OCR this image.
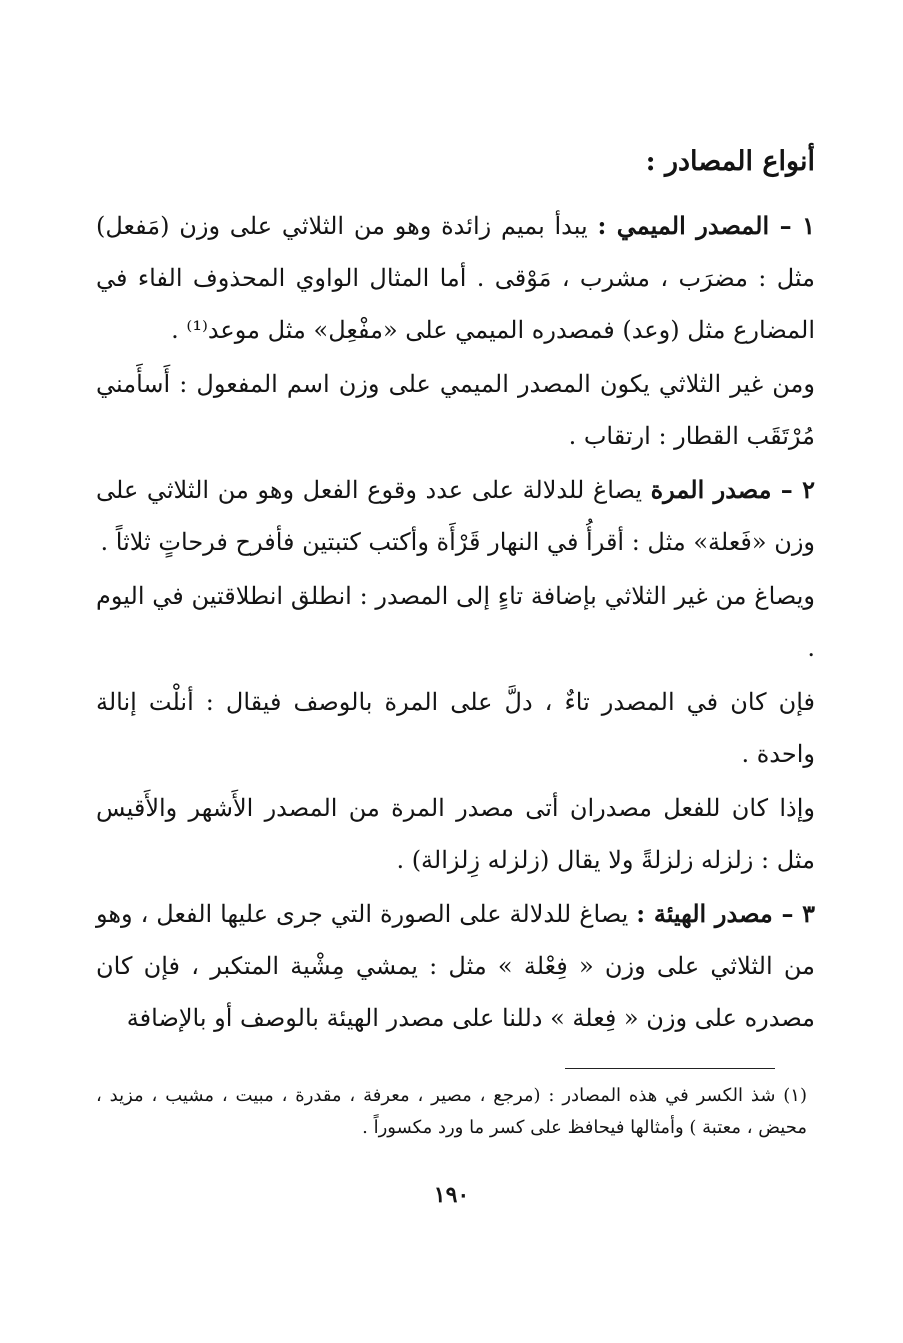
أنواع المصادر :

١ – المصدر الميمي : يبدأ بميم زائدة وهو من الثلاثي على وزن (مَفعل) مثل : مضرَب ، مشرب ، مَوْقى . أما المثال الواوي المحذوف الفاء في المضارع مثل (وعد) فمصدره الميمي على «مفْعِل» مثل موعد⁽¹⁾ .

ومن غير الثلاثي يكون المصدر الميمي على وزن اسم المفعول : أَسأَمني مُرْتَقَب القطار : ارتقاب .

٢ – مصدر المرة يصاغ للدلالة على عدد وقوع الفعل وهو من الثلاثي على وزن «فَعلة» مثل : أقرأُ في النهار قَرْأَة وأكتب كتبتين فأفرح فرحاتٍ ثلاثاً .

ويصاغ من غير الثلاثي بإضافة تاءٍ إلى المصدر : انطلق انطلاقتين في اليوم .

فإن كان في المصدر تاءٌ ، دلَّ على المرة بالوصف فيقال : أنلْت إنالة واحدة .

وإذا كان للفعل مصدران أتى مصدر المرة من المصدر الأَشهر والأَقيس مثل : زلزله زلزلةً ولا يقال (زلزله زِلزالة) .

٣ – مصدر الهيئة : يصاغ للدلالة على الصورة التي جرى عليها الفعل ، وهو من الثلاثي على وزن « فِعْلة » مثل : يمشي مِشْية المتكبر ، فإن كان مصدره على وزن « فِعلة » دللنا على مصدر الهيئة بالوصف أو بالإضافة

(١) شذ الكسر في هذه المصادر : (مرجع ، مصير ، معرفة ، مقدرة ، مبيت ، مشيب ، مزيد ، محيض ، معتبة ) وأمثالها فيحافظ على كسر ما ورد مكسوراً .

١٩٠
